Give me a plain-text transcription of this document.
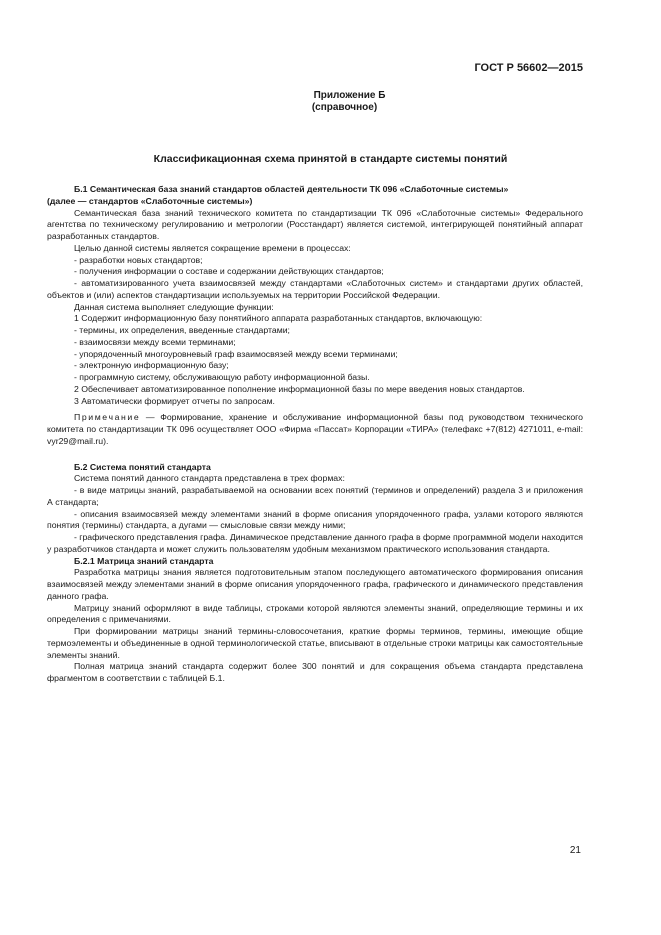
ГОСТ Р 56602—2015
Приложение Б
(справочное)
Классификационная схема принятой в стандарте системы понятий

Б.1 Семантическая база знаний стандартов областей деятельности ТК 096 «Слаботочные системы»

(далее — стандартов «Слаботочные системы»)

Семантическая база знаний технического комитета по стандартизации ТК 096 «Слаботочные системы» Федерального агентства по техническому регулированию и метрологии (Росстандарт) является системой, интегрирующей понятийный аппарат разработанных стандартов.

Целью данной системы является сокращение времени в процессах:

- разработки новых стандартов;

- получения информации о составе и содержании действующих стандартов;

- автоматизированного учета взаимосвязей между стандартами «Слаботочных систем» и стандартами других областей, объектов и (или) аспектов стандартизации используемых на территории Российской Федерации.

Данная система выполняет следующие функции:

1 Содержит информационную базу понятийного аппарата разработанных стандартов, включающую:

- термины, их определения, введенные стандартами;

- взаимосвязи между всеми терминами;

- упорядоченный многоуровневый граф взаимосвязей между всеми терминами;

- электронную информационную базу;

- программную систему, обслуживающую работу информационной базы.

2 Обеспечивает автоматизированное пополнение информационной базы по мере введения новых стандартов.

3 Автоматически формирует отчеты по запросам.

Примечание — Формирование, хранение и обслуживание информационной базы под руководством технического комитета по стандартизации ТК 096 осуществляет ООО «Фирма «Пассат» Корпорации «ТИРА» (телефакс +7(812) 4271011, e-mail: vyr29@mail.ru).

Б.2 Система понятий стандарта

Система понятий данного стандарта представлена в трех формах:

- в виде матрицы знаний, разрабатываемой на основании всех понятий (терминов и определений) раздела 3 и приложения А стандарта;

- описания взаимосвязей между элементами знаний в форме описания упорядоченного графа, узлами которого являются понятия (термины) стандарта, а дугами — смысловые связи между ними;

- графического представления графа. Динамическое представление данного графа в форме программной модели находится у разработчиков стандарта и может служить пользователям удобным механизмом практического использования стандарта.

Б.2.1 Матрица знаний стандарта

Разработка матрицы знания является подготовительным этапом последующего автоматического формирования описания взаимосвязей между элементами знаний в форме описания упорядоченного графа, графического и динамического представления данного графа.

Матрицу знаний оформляют в виде таблицы, строками которой являются элементы знаний, определяющие термины и их определения с примечаниями.

При формировании матрицы знаний термины-словосочетания, краткие формы терминов, термины, имеющие общие термоэлементы и объединенные в одной терминологической статье, вписывают в отдельные строки матрицы как самостоятельные элементы знаний.

Полная матрица знаний стандарта содержит более 300 понятий и для сокращения объема стандарта представлена фрагментом в соответствии с таблицей Б.1.

21
